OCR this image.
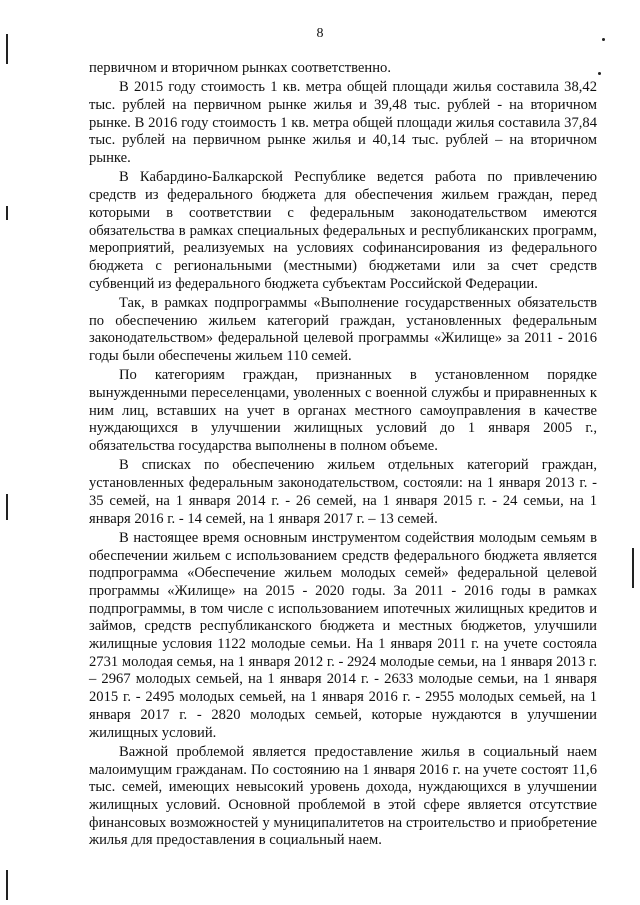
8

первичном и вторичном рынках соответственно.

В 2015 году стоимость 1 кв. метра общей площади жилья составила 38,42 тыс. рублей на первичном рынке жилья и 39,48 тыс. рублей - на вторичном рынке. В 2016 году стоимость 1 кв. метра общей площади жилья составила 37,84 тыс. рублей на первичном рынке жилья и 40,14 тыс. рублей – на вторичном рынке.

В Кабардино-Балкарской Республике ведется работа по привлечению средств из федерального бюджета для обеспечения жильем граждан, перед которыми в соответствии с федеральным законодательством имеются обязательства в рамках специальных федеральных и республиканских программ, мероприятий, реализуемых на условиях софинансирования из федерального бюджета с региональными (местными) бюджетами или за счет средств субвенций из федерального бюджета субъектам Российской Федерации.

Так, в рамках подпрограммы «Выполнение государственных обязательств по обеспечению жильем категорий граждан, установленных федеральным законодательством» федеральной целевой программы «Жилище» за 2011 - 2016 годы были обеспечены жильем 110 семей.

По категориям граждан, признанных в установленном порядке вынужденными переселенцами, уволенных с военной службы и приравненных к ним лиц, вставших на учет в органах местного самоуправления в качестве нуждающихся в улучшении жилищных условий до 1 января 2005 г., обязательства государства выполнены в полном объеме.

В списках по обеспечению жильем отдельных категорий граждан, установленных федеральным законодательством, состояли: на 1 января 2013 г. - 35 семей, на 1 января 2014 г. - 26 семей, на 1 января 2015 г. - 24 семьи, на 1 января 2016 г. - 14 семей, на 1 января 2017 г. – 13 семей.

В настоящее время основным инструментом содействия молодым семьям в обеспечении жильем с использованием средств федерального бюджета является подпрограмма «Обеспечение жильем молодых семей» федеральной целевой программы «Жилище» на 2015 - 2020 годы. За 2011 - 2016 годы в рамках подпрограммы, в том числе с использованием ипотечных жилищных кредитов и займов, средств республиканского бюджета и местных бюджетов, улучшили жилищные условия 1122 молодые семьи. На 1 января 2011 г. на учете состояла 2731 молодая семья, на 1 января 2012 г. - 2924 молодые семьи, на 1 января 2013 г. – 2967 молодых семьей, на 1 января 2014 г. - 2633 молодые семьи, на 1 января 2015 г. - 2495 молодых семьей, на 1 января 2016 г. - 2955 молодых семьей, на 1 января 2017 г. - 2820 молодых семьей, которые нуждаются в улучшении жилищных условий.

Важной проблемой является предоставление жилья в социальный наем малоимущим гражданам. По состоянию на 1 января 2016 г. на учете состоят 11,6 тыс. семей, имеющих невысокий уровень дохода, нуждающихся в улучшении жилищных условий. Основной проблемой в этой сфере является отсутствие финансовых возможностей у муниципалитетов на строительство и приобретение жилья для предоставления в социальный наем.
